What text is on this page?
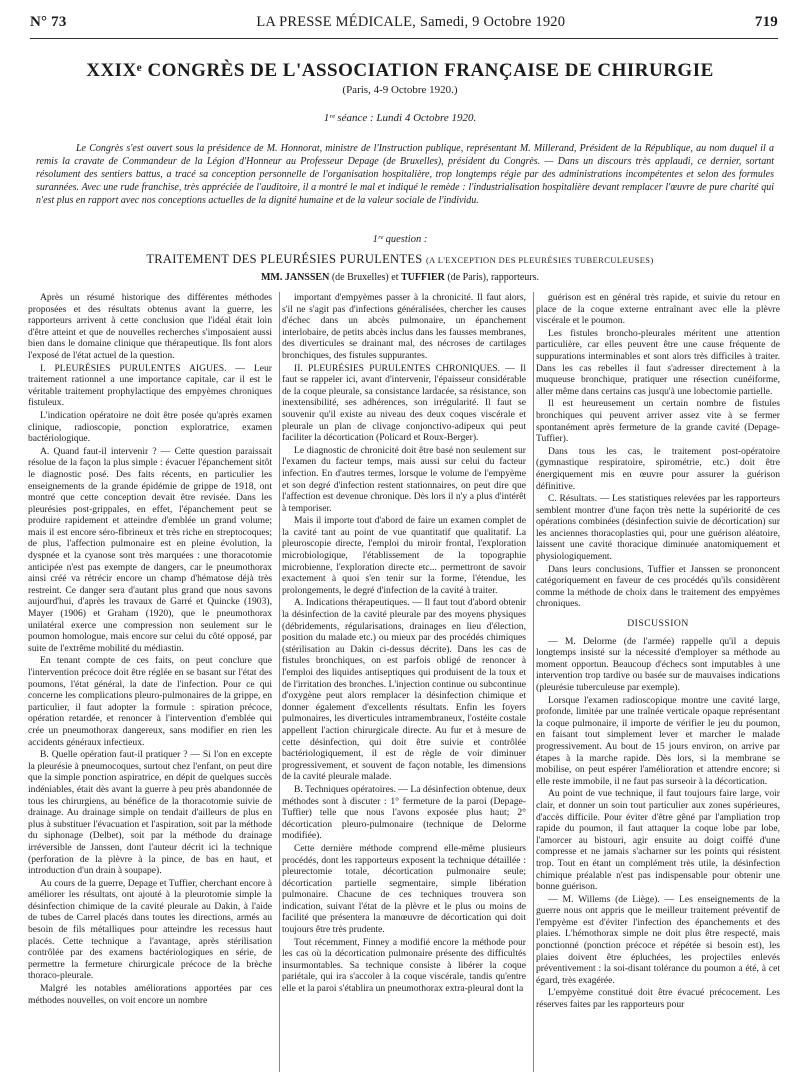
N° 73	LA PRESSE MÉDICALE, Samedi, 9 Octobre 1920	719
XXIXᵉ CONGRÈS DE L'ASSOCIATION FRANÇAISE DE CHIRURGIE
(Paris, 4-9 Octobre 1920.)
1ʳᵉ séance : Lundi 4 Octobre 1920.
Le Congrès s'est ouvert sous la présidence de M. Honnorat, ministre de l'Instruction publique, représentant M. Millerand, Président de la République, au nom duquel il a remis la cravate de Commandeur de la Légion d'Honneur au Professeur Depage (de Bruxelles), président du Congrès. — Dans un discours très applaudi, ce dernier, sortant résolument des sentiers battus, a tracé sa conception personnelle de l'organisation hospitalière, trop longtemps régie par des administrations incompétentes et selon des formules surannées. Avec une rude franchise, très appréciée de l'auditoire, il a montré le mal et indiqué le remède : l'industrialisation hospitalière devant remplacer l'œuvre de pure charité qui n'est plus en rapport avec nos conceptions actuelles de la dignité humaine et de la valeur sociale de l'individu.
1ʳᵉ question :
TRAITEMENT DES PLEURÉSIES PURULENTES (A L'EXCEPTION DES PLEURÉSIES TUBERCULEUSES)
MM. JANSSEN (de Bruxelles) et TUFFIER (de Paris), rapporteurs.

Après un résumé historique des différentes méthodes proposées et des résultats obtenus avant la guerre, les rapporteurs arrivent à cette conclusion que l'idéal était loin d'être atteint et que de nouvelles recherches s'imposaient aussi bien dans le domaine clinique que thérapeutique. Ils font alors l'exposé de l'état actuel de la question.

I. PLEURÉSIES PURULENTES AIGUES. — Leur traitement rationnel a une importance capitale, car il est le véritable traitement prophylactique des empyèmes chroniques fistuleux.

L'indication opératoire ne doit être posée qu'après examen clinique, radioscopie, ponction exploratrice, examen bactériologique.

A. Quand faut-il intervenir ? — Cette question paraissait résolue de la façon la plus simple : évacuer l'épanchement sitôt le diagnostic posé. Des faits récents, en particulier les enseignements de la grande épidémie de grippe de 1918, ont montré que cette conception devait être revisée. Dans les pleurésies post-grippales, en effet, l'épanchement peut se produire rapidement et atteindre d'emblée un grand volume; mais il est encore séro-fibrineux et très riche en streptocoques; de plus, l'affection pulmonaire est en pleine évolution, la dyspnée et la cyanose sont très marquées : une thoracotomie anticipée n'est pas exempte de dangers, car le pneumothorax ainsi créé va rétrécir encore un champ d'hématose déjà très restreint. Ce danger sera d'autant plus grand que nous savons aujourd'hui, d'après les travaux de Garré et Quincke (1903), Mayer (1906) et Graham (1920), que le pneumothorax unilatéral exerce une compression non seulement sur le poumon homologue, mais encore sur celui du côté opposé, par suite de l'extrême mobilité du médiastin.

En tenant compte de ces faits, on peut conclure que l'intervention précoce doit être réglée en se basant sur l'état des poumons, l'état général, la date de l'infection. Pour ce qui concerne les complications pleuro-pulmonaires de la grippe, en particulier, il faut adopter la formule : spiration précoce, opération retardée, et renoncer à l'intervention d'emblée qui crée un pneumothorax dangereux, sans modifier en rien les accidents généraux infectieux.

B. Quelle opération faut-il pratiquer ? — Si l'on en excepte la pleurésie à pneumocoques, surtout chez l'enfant, on peut dire que la simple ponction aspiratrice, en dépit de quelques succès indéniables, était dès avant la guerre à peu près abandonnée de tous les chirurgiens, au bénéfice de la thoracotomie suivie de drainage. Au drainage simple on tendait d'ailleurs de plus en plus à substituer l'évacuation et l'aspiration, soit par la méthode du siphonage (Delbet), soit par la méthode du drainage irréversible de Janssen, dont l'auteur décrit ici la technique (perforation de la plèvre à la pince, de bas en haut, et introduction d'un drain à soupape).

Au cours de la guerre, Depage et Tuffier, cherchant encore à améliorer les résultats, ont ajouté à la pleurotomie simple la désinfection chimique de la cavité pleurale au Dakin, à l'aide de tubes de Carrel placés dans toutes les directions, armés au besoin de fils métalliques pour atteindre les recessus haut placés. Cette technique a l'avantage, après stérilisation contrôlée par des examens bactériologiques en série, de permettre la fermeture chirurgicale précoce de la brèche thoraco-pleurale.

Malgré les notables améliorations apportées par ces méthodes nouvelles, on voit encore un nombre

important d'empyèmes passer à la chronicité. Il faut alors, s'il ne s'agit pas d'infections généralisées, chercher les causes d'échec dans un abcès pulmonaire, un épanchement interlobaire, de petits abcès inclus dans les fausses membranes, des diverticules se drainant mal, des nécroses de cartilages bronchiques, des fistules suppurantes.

II. PLEURÉSIES PURULENTES CHRONIQUES. — Il faut se rappeler ici, avant d'intervenir, l'épaisseur considérable de la coque pleurale, sa consistance lardacée, sa résistance, son inextensibilité, ses adhérences, son irrégularité. Il faut se souvenir qu'il existe au niveau des deux coques viscérale et pleurale un plan de clivage conjonctivo-adipeux qui peut faciliter la décortication (Policard et Roux-Berger).

Le diagnostic de chronicité doit être basé non seulement sur l'examen du facteur temps, mais aussi sur celui du facteur infection. En d'autres termes, lorsque le volume de l'empyème et son degré d'infection restent stationnaires, on peut dire que l'affection est devenue chronique. Dès lors il n'y a plus d'intérêt à temporiser.

Mais il importe tout d'abord de faire un examen complet de la cavité tant au point de vue quantitatif que qualitatif. La pleuroscopie directe, l'emploi du miroir frontal, l'exploration microbiologique, l'établissement de la topographie microbienne, l'exploration directe etc... permettront de savoir exactement à quoi s'en tenir sur la forme, l'étendue, les prolongements, le degré d'infection de la cavité à traiter.

A. Indications thérapeutiques. — Il faut tout d'abord obtenir la désinfection de la cavité pleurale par des moyens physiques (débridements, régularisations, drainages en lieu d'élection, position du malade etc.) ou mieux par des procédés chimiques (stérilisation au Dakin ci-dessus décrite). Dans les cas de fistules bronchiques, on est parfois obligé de renoncer à l'emploi des liquides antiseptiques qui produisent de la toux et de l'irritation des bronches. L'injection continue ou subcontinue d'oxygène peut alors remplacer la désinfection chimique et donner également d'excellents résultats. Enfin les foyers pulmonaires, les diverticules intramembraneux, l'ostéite costale appellent l'action chirurgicale directe. Au fur et à mesure de cette désinfection, qui doit être suivie et contrôlée bactériologiquement, il est de règle de voir diminuer progressivement, et souvent de façon notable, les dimensions de la cavité pleurale malade.

B. Techniques opératoires. — La désinfection obtenue, deux méthodes sont à discuter : 1° fermeture de la paroi (Depage-Tuffier) telle que nous l'avons exposée plus haut; 2° décortication pleuro-pulmonaire (technique de Delorme modifiée).

Cette dernière méthode comprend elle-même plusieurs procédés, dont les rapporteurs exposent la technique détaillée : pleurectomie totale, décortication pulmonaire seule; décortication partielle segmentaire, simple libération pulmonaire. Chacune de ces techniques trouvera son indication, suivant l'état de la plèvre et le plus ou moins de facilité que présentera la manœuvre de décortication qui doit toujours être très prudente.

Tout récemment, Finney a modifié encore la méthode pour les cas où la décortication pulmonaire présente des difficultés insurmontables. Sa technique consiste à libérer la coque pariétale, qui ira s'accoler à la coque viscérale, tandis qu'entre elle et la paroi s'établira un pneumothorax extra-pleural dont la

guérison est en général très rapide, et suivie du retour en place de la coque externe entraînant avec elle la plèvre viscérale et le poumon.

Les fistules broncho-pleurales méritent une attention particulière, car elles peuvent être une cause fréquente de suppurations interminables et sont alors très difficiles à traiter. Dans les cas rebelles il faut s'adresser directement à la muqueuse bronchique, pratiquer une résection cunéiforme, aller même dans certains cas jusqu'à une lobectomie partielle.

Il est heureusement un certain nombre de fistules bronchiques qui peuvent arriver assez vite à se fermer spontanément après fermeture de la grande cavité (Depage-Tuffier).

Dans tous les cas, le traitement post-opératoire (gymnastique respiratoire, spirométrie, etc.) doit être énergiquement mis en œuvre pour assurer la guérison définitive.

C. Résultats. — Les statistiques relevées par les rapporteurs semblent montrer d'une façon très nette la supériorité de ces opérations combinées (désinfection suivie de décortication) sur les anciennes thoracoplasties qui, pour une guérison aléatoire, laissent une cavité thoracique diminuée anatomiquement et physiologiquement.

Dans leurs conclusions, Tuffier et Janssen se prononcent catégoriquement en faveur de ces procédés qu'ils considèrent comme la méthode de choix dans le traitement des empyèmes chroniques.

DISCUSSION

— M. Delorme (de l'armée) rappelle qu'il a depuis longtemps insisté sur la nécessité d'employer sa méthode au moment opportun. Beaucoup d'échecs sont imputables à une intervention trop tardive ou basée sur de mauvaises indications (pleurésie tuberculeuse par exemple).

Lorsque l'examen radioscopique montre une cavité large, profonde, limitée par une traînée verticale opaque représentant la coque pulmonaire, il importe de vérifier le jeu du poumon, en faisant tout simplement lever et marcher le malade progressivement. Au bout de 15 jours environ, on arrive par étapes à la marche rapide. Dès lors, si la membrane se mobilise, on peut espérer l'amélioration et attendre encore; si elle reste immobile, il ne faut pas surseoir à la décortication.

Au point de vue technique, il faut toujours faire large, voir clair, et donner un soin tout particulier aux zones supérieures, d'accès difficile. Pour éviter d'être gêné par l'ampliation trop rapide du poumon, il faut attaquer la coque lobe par lobe, l'amorcer au bistouri, agir ensuite au doigt coiffé d'une compresse et ne jamais s'acharner sur les points qui résistent trop. Tout en étant un complément très utile, la désinfection chimique préalable n'est pas indispensable pour obtenir une bonne guérison.

— M. Willems (de Liège). — Les enseignements de la guerre nous ont appris que le meilleur traitement préventif de l'empyème est d'éviter l'infection des épanchements et des plaies. L'hémothorax simple ne doit plus être respecté, mais ponctionné (ponction précoce et répétée si besoin est), les plaies doivent être épluchées, les projectiles enlevés préventivement : la soi-disant tolérance du poumon a été, à cet égard, très exagérée.

L'empyème constitué doit être évacué précocement. Les réserves faites par les rapporteurs pour
